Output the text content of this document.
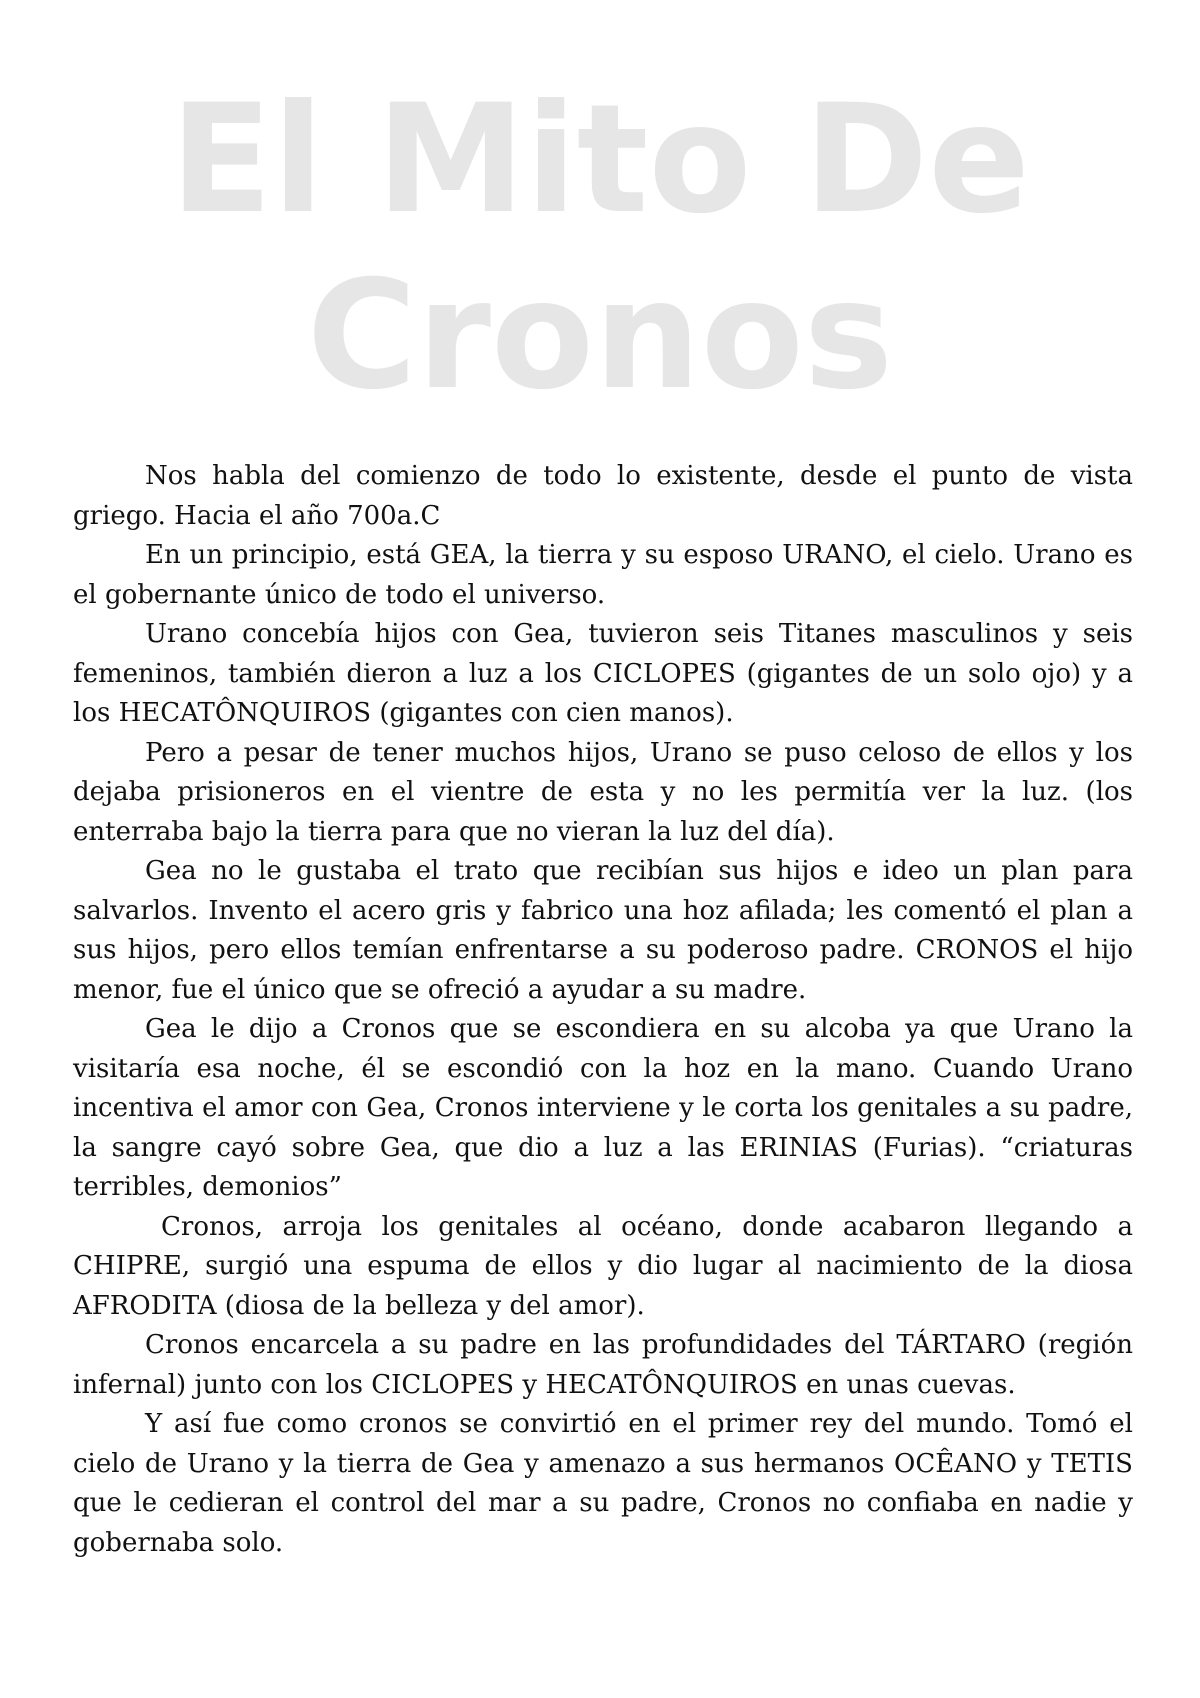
El Mito De
Cronos

Nos habla del comienzo de todo lo existente, desde el punto de vista griego. Hacia el año 700a.C

En un principio, está GEA, la tierra y su esposo URANO, el cielo. Urano es el gobernante único de todo el universo.

Urano concebía hijos con Gea, tuvieron seis Titanes masculinos y seis femeninos, también dieron a luz a los CICLOPES (gigantes de un solo ojo) y a los HECATÔNQUIROS (gigantes con cien manos).

Pero a pesar de tener muchos hijos, Urano se puso celoso de ellos y los dejaba prisioneros en el vientre de esta y no les permitía ver la luz. (los enterraba bajo la tierra para que no vieran la luz del día).

Gea no le gustaba el trato que recibían sus hijos e ideo un plan para salvarlos. Invento el acero gris y fabrico una hoz afilada; les comentó el plan a sus hijos, pero ellos temían enfrentarse a su poderoso padre. CRONOS el hijo menor, fue el único que se ofreció a ayudar a su madre.

Gea le dijo a Cronos que se escondiera en su alcoba ya que Urano la visitaría esa noche, él se escondió con la hoz en la mano. Cuando Urano incentiva el amor con Gea, Cronos interviene y le corta los genitales a su padre, la sangre cayó sobre Gea, que dio a luz a las ERINIAS (Furias). “criaturas terribles, demonios”

Cronos, arroja los genitales al océano, donde acabaron llegando a CHIPRE, surgió una espuma de ellos y dio lugar al nacimiento de la diosa AFRODITA (diosa de la belleza y del amor).

Cronos encarcela a su padre en las profundidades del TÁRTARO (región infernal) junto con los CICLOPES y HECATÔNQUIROS en unas cuevas.

Y así fue como cronos se convirtió en el primer rey del mundo. Tomó el cielo de Urano y la tierra de Gea y amenazo a sus hermanos OCÊANO y TETIS que le cedieran el control del mar a su padre, Cronos no confiaba en nadie y gobernaba solo.
